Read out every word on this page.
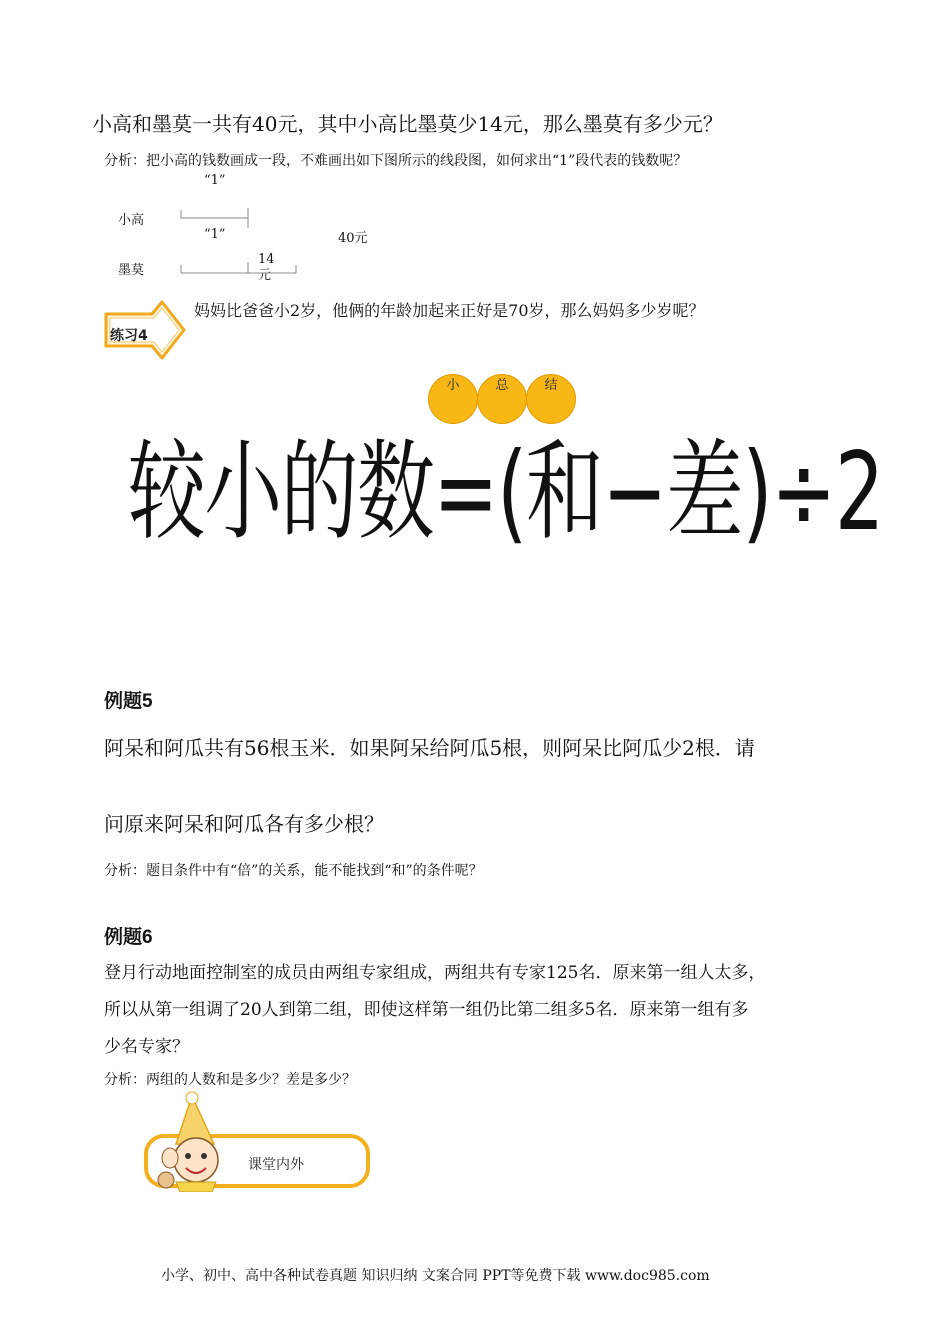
小高和墨莫一共有40元，其中小高比墨莫少14元，那么墨莫有多少元？
分析：把小高的钱数画成一段，不难画出如下图所示的线段图，如何求出“1”段代表的钱数呢？
“1”
小高
“1”	40元
墨莫
14元
练习4
妈妈比爸爸小2岁，他俩的年龄加起来正好是70岁，那么妈妈多少岁呢？
小	总	结
较小的数=(和−差)÷2
例题5
阿呆和阿瓜共有56根玉米．如果阿呆给阿瓜5根，则阿呆比阿瓜少2根．请
问原来阿呆和阿瓜各有多少根？
分析：题目条件中有“倍”的关系，能不能找到“和”的条件呢？
例题6
登月行动地面控制室的成员由两组专家组成，两组共有专家125名．原来第一组人太多，
所以从第一组调了20人到第二组，即使这样第一组仍比第二组多5名．原来第一组有多
少名专家？
分析：两组的人数和是多少？差是多少？
课堂内外
小学、初中、高中各种试卷真题 知识归纳 文案合同 PPT等免费下载 www.doc985.com
